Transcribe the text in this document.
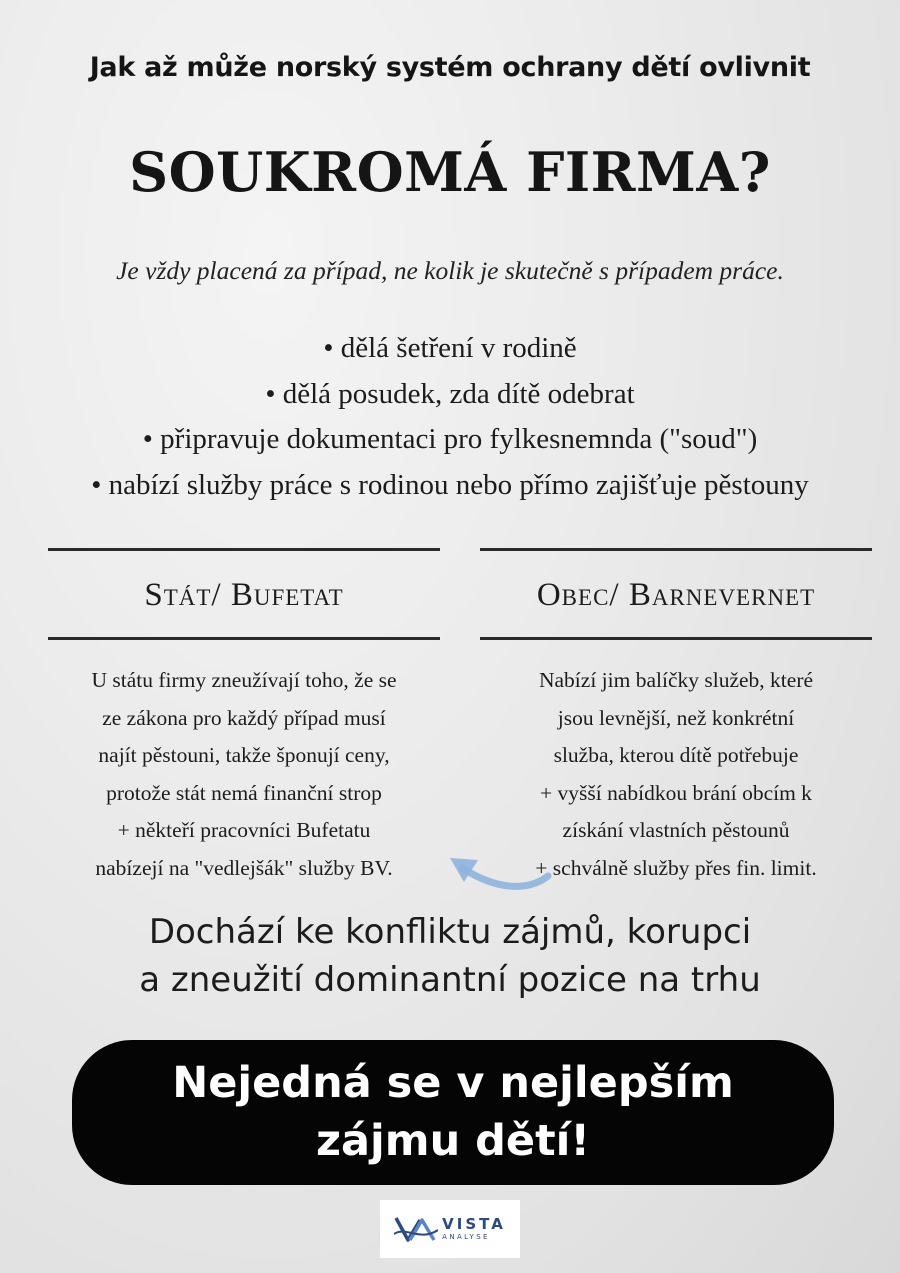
Jak až může norský systém ochrany dětí ovlivnit
SOUKROMÁ FIRMA?
Je vždy placená za případ, ne kolik je skutečně s případem práce.
• dělá šetření v rodině
• dělá posudek, zda dítě odebrat
• připravuje dokumentaci pro fylkesnemnda ("soud")
• nabízí služby práce s rodinou nebo přímo zajišťuje pěstouny
Stát/ Bufetat
U státu firmy zneužívají toho, že se
ze zákona pro každý případ musí
najít pěstouni, takže šponují ceny,
protože stát nemá finanční strop
+ někteří pracovníci Bufetatu
nabízejí na "vedlejšák" služby BV.
Obec/ Barnevernet
Nabízí jim balíčky služeb, které
jsou levnější, než konkrétní
služba, kterou dítě potřebuje
+ vyšší nabídkou brání obcím k
získání vlastních pěstounů
+ schválně služby přes fin. limit.
Dochází ke konfliktu zájmů, korupci
a zneužití dominantní pozice na trhu
Nejedná se v nejlepším
zájmu dětí!
VISTA
ANALYSE
